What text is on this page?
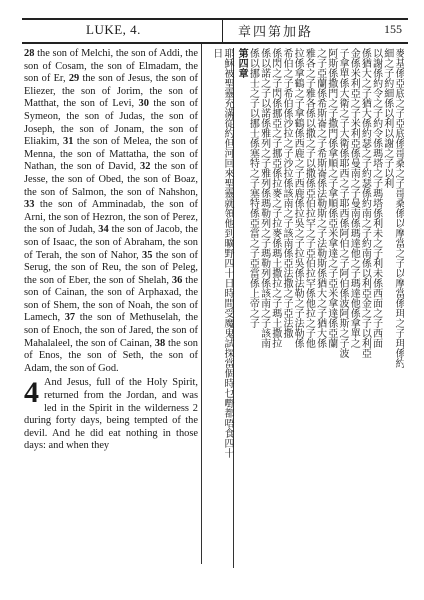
LUKE, 4.	章四第加路	155

28 the son of Melchi, the son of Addi, the son of Cosam, the son of Elmadam, the son of Er, 29 the son of Jesus, the son of Eliezer, the son of Jorim, the son of Matthat, the son of Levi, 30 the son of Symeon, the son of Judas, the son of Joseph, the son of Jonam, the son of Eliakim, 31 the son of Melea, the son of Menna, the son of Mattatha, the son of Nathan, the son of David, 32 the son of Jesse, the son of Obed, the son of Boaz, the son of Salmon, the son of Nahshon, 33 the son of Amminadab, the son of Arni, the son of Hezron, the son of Perez, the son of Judah, 34 the son of Jacob, the son of Isaac, the son of Abraham, the son of Terah, the son of Nahor, 35 the son of Serug, the son of Reu, the son of Peleg, the son of Eber, the son of Shelah, 36 the son of Cainan, the son of Arphaxad, the son of Shem, the son of Noah, the son of Lamech, 37 the son of Methuselah, the son of Enoch, the son of Jared, the son of Mahalaleel, the son of Cainan, 38 the son of Enos, the son of Seth, the son of Adam, the son of God.

4 And Jesus, full of the Holy Spirit, returned from the Jordan, and was led in the Spirit in the wilderness 2 during forty days, being tempted of the devil. And he did eat nothing in those days: and when they

麥基係亞底之子亞底係哥桑之子哥桑係以摩當之子以摩當係珥之子珥係約

細之子約細係以利以謝之子以利

以謝係約令之子約令係瑪塔之子瑪塔係利未之子利未係西面之子西面

係猶大之子猶大係約瑟之子約瑟係約南之子約南係以利亞金之子以利亞

金係米利亞之子米利亞係曼南之子曼南係瑪達他之子瑪達他係拿單之

子拿單係大衛之子大衛係耶西之子耶西係阿伯之子阿伯係波阿斯之子波

阿斯係撒門之子撒門係拿順之子拿順係亞米拿達之子亞米拿達係亞蘭

之子亞蘭係希斯崙之子希斯崙係法勒斯之子法勒斯係猶大之子猶大係

雅各之子雅各係以撒之子以撒係亞伯拉罕之子亞伯拉罕係他拉之子他

拉係拿鶴之子拿鶴係西鹿之子西鹿係拉吳之子拉吳係法勒之子法勒係

希伯之子希伯係沙拉之子沙拉係該南之子該南係亞法撒之子亞法撒

係閃之子閃係挪亞之子挪亞係拉麥之子拉麥係瑪土撒拉之子瑪土撒拉

係以諾之子以諾係雅列之子雅列係瑪勒列之子瑪勒列係該南之子該南

係以挪士之子以挪士係塞特之子塞特係亞當之子亞當係上帝之子

第四章

耶穌被聖靈充滿從約但河回來聖靈就領他到曠野四十日時間受魔鬼試探當個時乜嘢都唔食四十

日
